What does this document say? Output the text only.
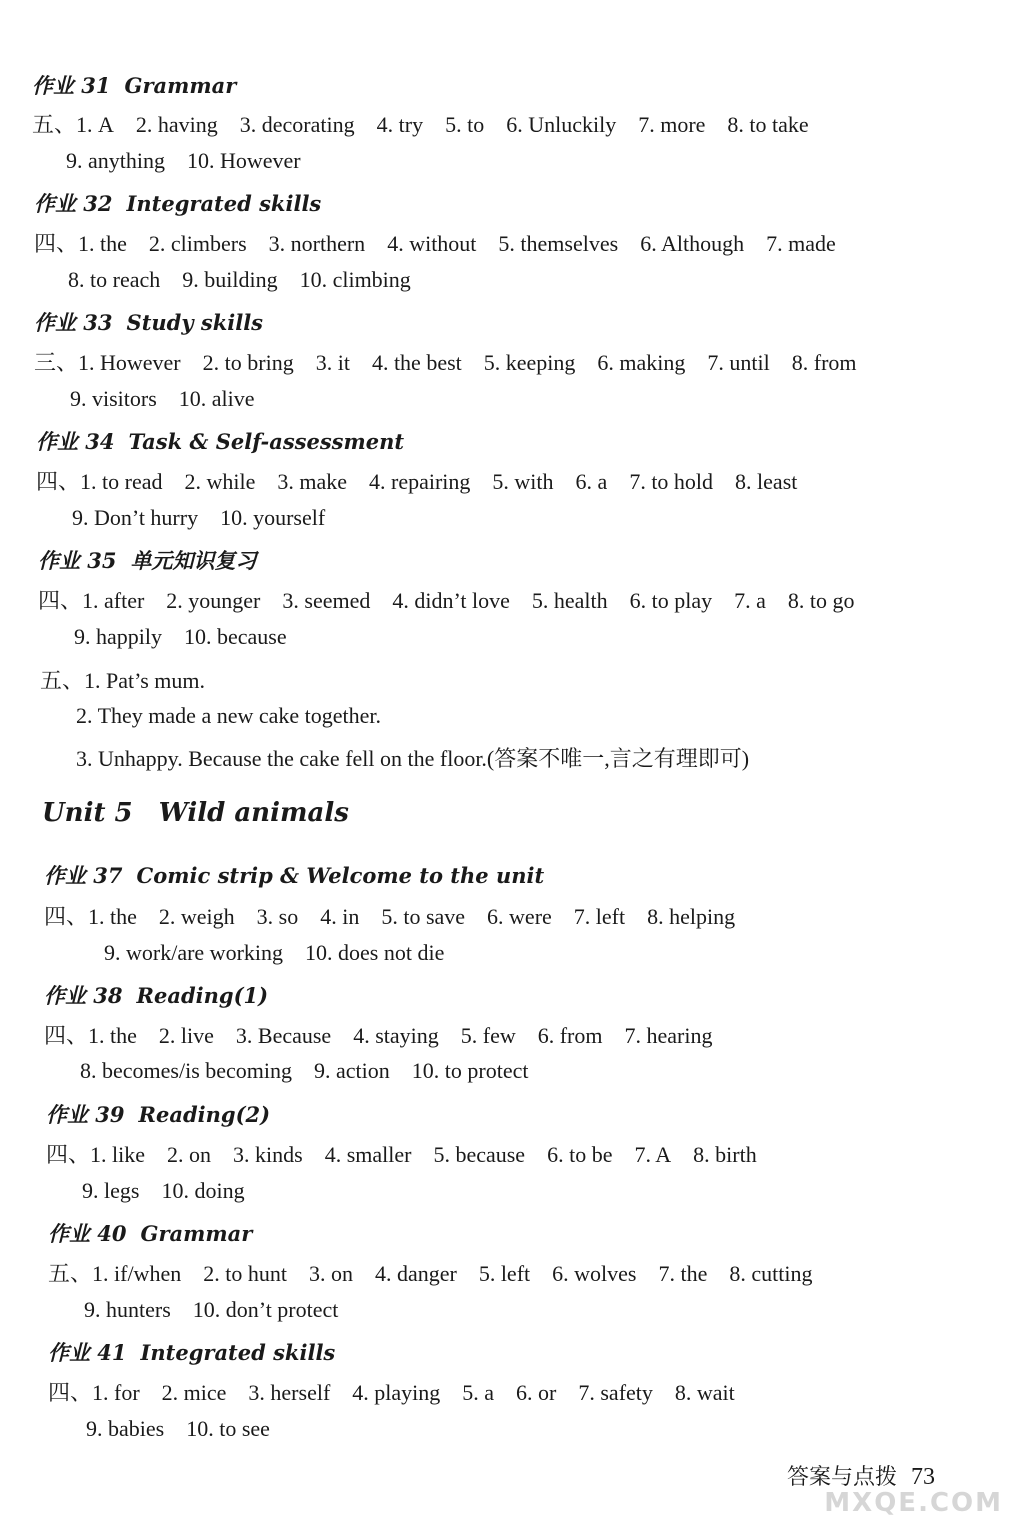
作业 31 Grammar
五、1. A 2. having 3. decorating 4. try 5. to 6. Unluckily 7. more 8. to take
9. anything 10. However
作业 32 Integrated skills
四、1. the 2. climbers 3. northern 4. without 5. themselves 6. Although 7. made
8. to reach 9. building 10. climbing
作业 33 Study skills
三、1. However 2. to bring 3. it 4. the best 5. keeping 6. making 7. until 8. from
9. visitors 10. alive
作业 34 Task & Self-assessment
四、1. to read 2. while 3. make 4. repairing 5. with 6. a 7. to hold 8. least
9. Don’t hurry 10. yourself
作业 35 单元知识复习
四、1. after 2. younger 3. seemed 4. didn’t love 5. health 6. to play 7. a 8. to go
9. happily 10. because
五、1. Pat’s mum.
2. They made a new cake together.
3. Unhappy. Because the cake fell on the floor.(答案不唯一,言之有理即可)
作业 37 Comic strip & Welcome to the unit
四、1. the 2. weigh 3. so 4. in 5. to save 6. were 7. left 8. helping
9. work/are working 10. does not die
作业 38 Reading(1)
四、1. the 2. live 3. Because 4. staying 5. few 6. from 7. hearing
8. becomes/is becoming 9. action 10. to protect
作业 39 Reading(2)
四、1. like 2. on 3. kinds 4. smaller 5. because 6. to be 7. A 8. birth
9. legs 10. doing
作业 40 Grammar
五、1. if/when 2. to hunt 3. on 4. danger 5. left 6. wolves 7. the 8. cutting
9. hunters 10. don’t protect
作业 41 Integrated skills
四、1. for 2. mice 3. herself 4. playing 5. a 6. or 7. safety 8. wait
9. babies 10. to see
Unit 5 Wild animals
答案与点拨 73
MXQE.COM
